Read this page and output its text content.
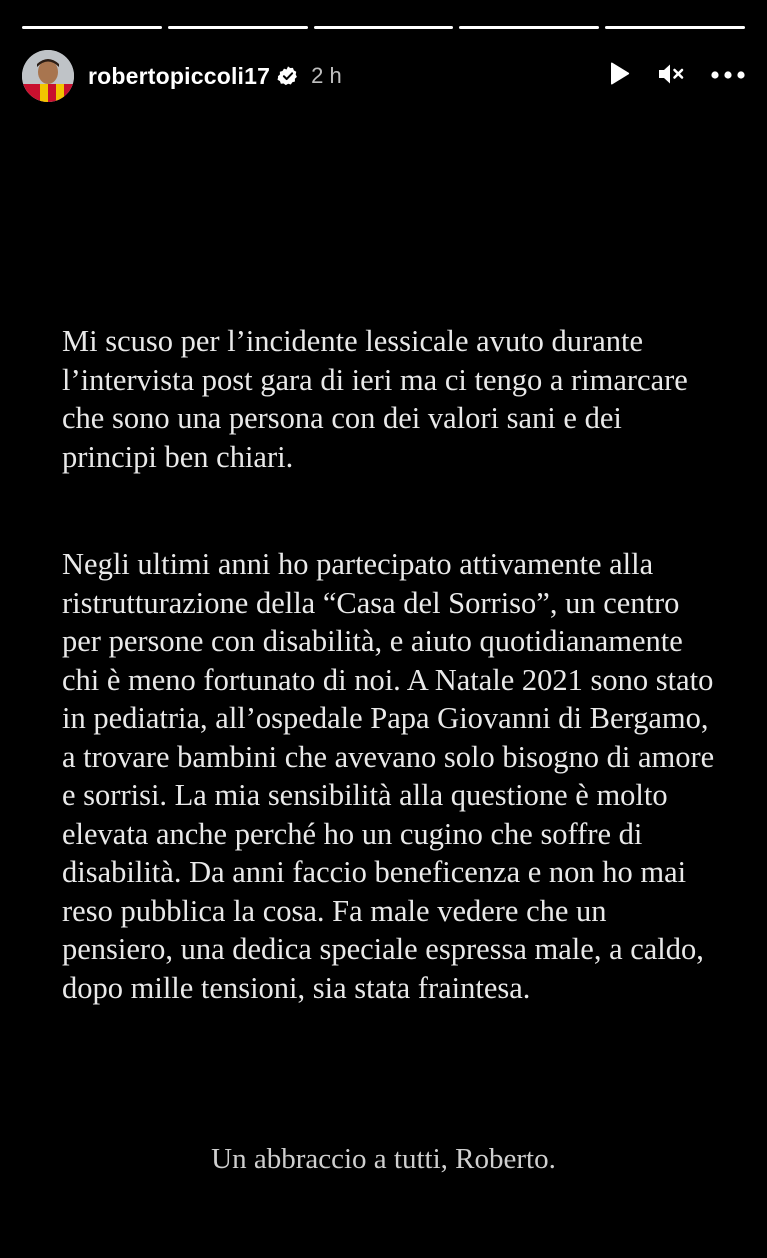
robertopiccoli17 2 h

Mi scuso per l’incidente lessicale avuto durante l’intervista post gara di ieri ma ci tengo a rimarcare che sono una persona con dei valori sani e dei principi ben chiari.

Negli ultimi anni ho partecipato attivamente alla ristrutturazione della “Casa del Sorriso”, un centro per persone con disabilità, e aiuto quotidianamente chi è meno fortunato di noi. A Natale 2021 sono stato in pediatria, all’ospedale Papa Giovanni di Bergamo, a trovare bambini che avevano solo bisogno di amore e sorrisi. La mia sensibilità alla questione è molto elevata anche perché ho un cugino che soffre di disabilità. Da anni faccio beneficenza e non ho mai reso pubblica la cosa. Fa male vedere che un pensiero, una dedica speciale espressa male, a caldo, dopo mille tensioni, sia stata fraintesa.

Un abbraccio a tutti, Roberto.
